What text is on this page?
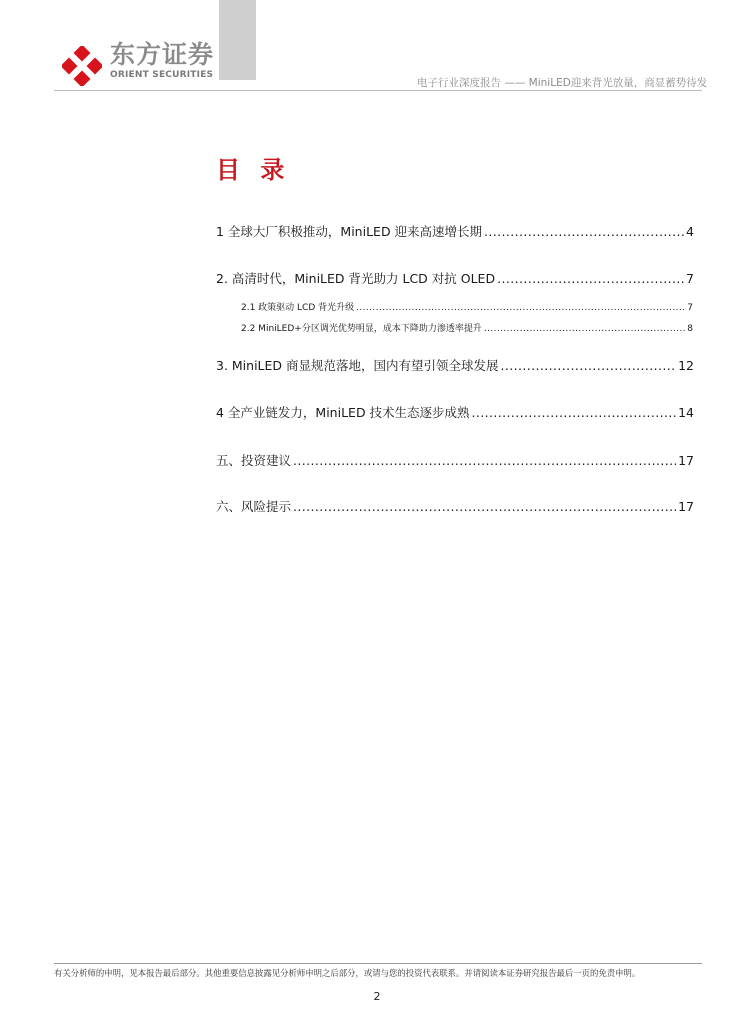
东方证券
ORIENT SECURITIES
电子行业深度报告 —— MiniLED迎来背光放量，商显蓄势待发
目 录
1 全球大厂积极推动，MiniLED 迎来高速增长期 .....	4
2. 高清时代，MiniLED 背光助力 LCD 对抗 OLED .....	7
2.1 政策驱动 LCD 背光升级 .....	7
2.2 MiniLED+分区调光优势明显，成本下降助力渗透率提升 .....	8
3. MiniLED 商显规范落地，国内有望引领全球发展 .....	12
4 全产业链发力，MiniLED 技术生态逐步成熟 .....	14
五、投资建议 .....	17
六、风险提示 .....	17
有关分析师的申明，见本报告最后部分。其他重要信息披露见分析师申明之后部分，或请与您的投资代表联系。并请阅读本证券研究报告最后一页的免责申明。
2
